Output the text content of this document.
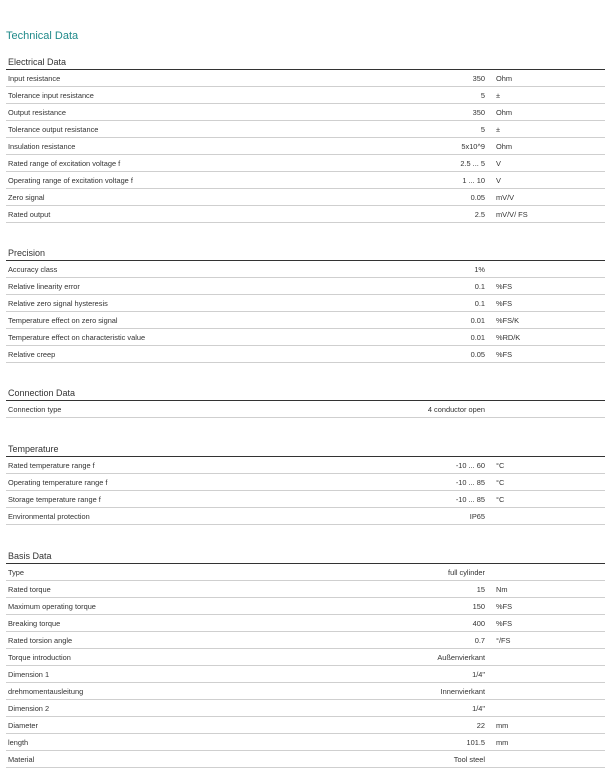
Technical Data
Electrical Data
Input resistance	350 Ohm
Tolerance input resistance	5 ±
Output resistance	350 Ohm
Tolerance output resistance	5 ±
Insulation resistance	5x10^9 Ohm
Rated range of excitation voltage f	2.5 ... 5 V
Operating range of excitation voltage f	1 ... 10 V
Zero signal	0.05 mV/V
Rated output	2.5 mV/V/ FS
Precision
Accuracy class	1%
Relative linearity error	0.1 %FS
Relative zero signal hysteresis	0.1 %FS
Temperature effect on zero signal	0.01 %FS/K
Temperature effect on characteristic value	0.01 %RD/K
Relative creep	0.05 %FS
Connection Data
Connection type	4 conductor open
Temperature
Rated temperature range f	-10 ... 60 °C
Operating temperature range f	-10 ... 85 °C
Storage temperature range f	-10 ... 85 °C
Environmental protection	IP65
Basis Data
Type	full cylinder
Rated torque	15 Nm
Maximum operating torque	150 %FS
Breaking torque	400 %FS
Rated torsion angle	0.7 °/FS
Torque introduction	Außenvierkant
Dimension 1	1/4"
drehmomentausleitung	Innenvierkant
Dimension 2	1/4"
Diameter	22 mm
length	101.5 mm
Material	Tool steel
